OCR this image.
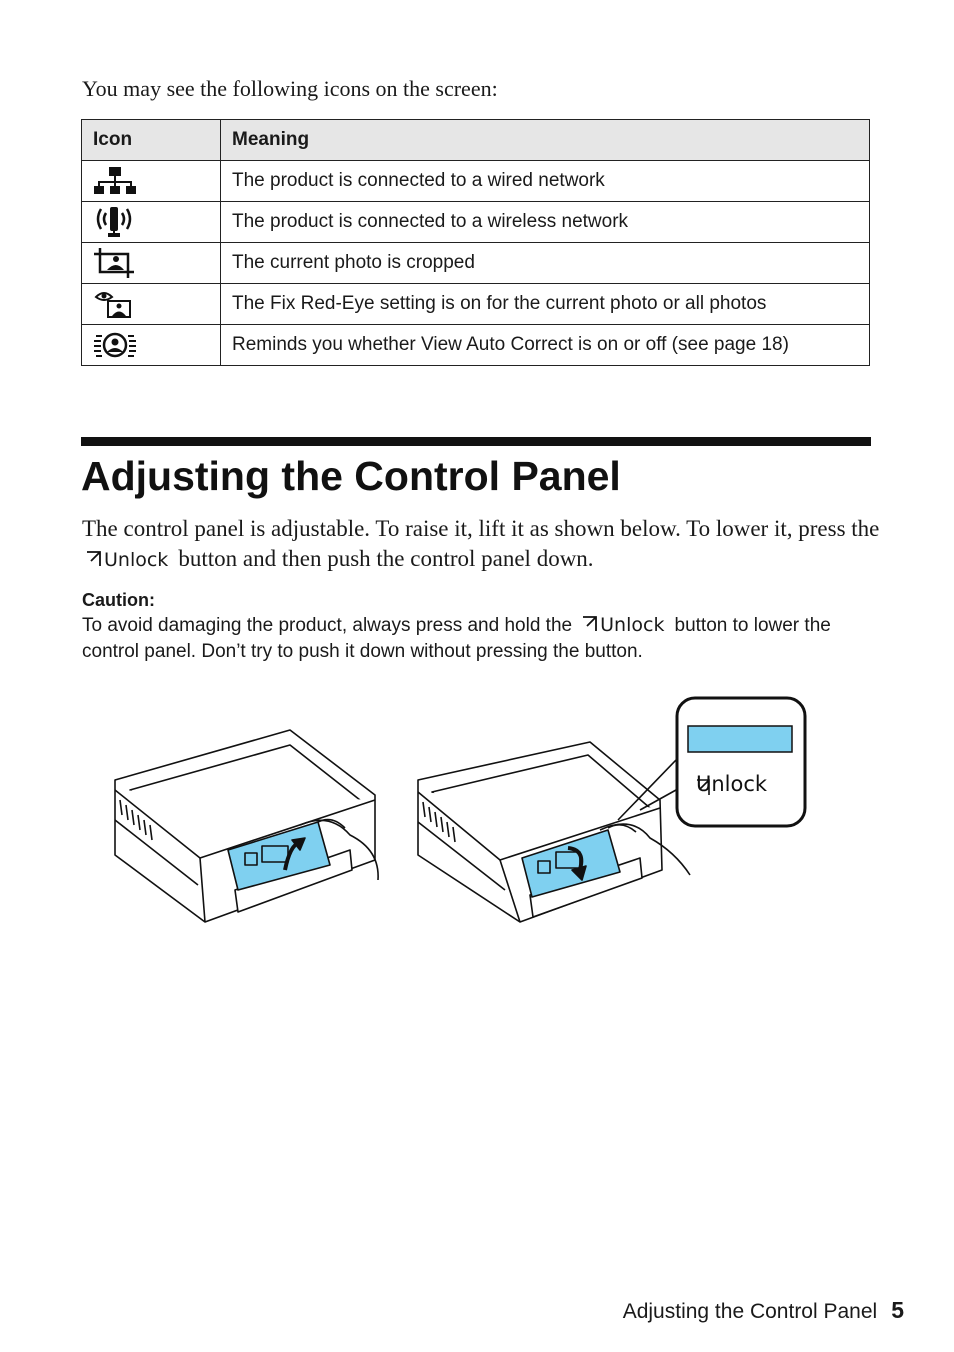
You may see the following icons on the screen:

Icon	Meaning

	The product is connected to a wired network

	The product is connected to a wireless network

	The current photo is cropped

	The Fix Red-Eye setting is on for the current photo or all photos

	Reminds you whether View Auto Correct is on or off (see page 18)
Adjusting the Control Panel

The control panel is adjustable. To raise it, lift it as shown below. To lower it, press the Unlock button and then push the control panel down.

Caution:

To avoid damaging the product, always press and hold the Unlock button to lower the control panel. Don’t try to push it down without pressing the button.

Unlock
Adjusting the Control Panel 5
